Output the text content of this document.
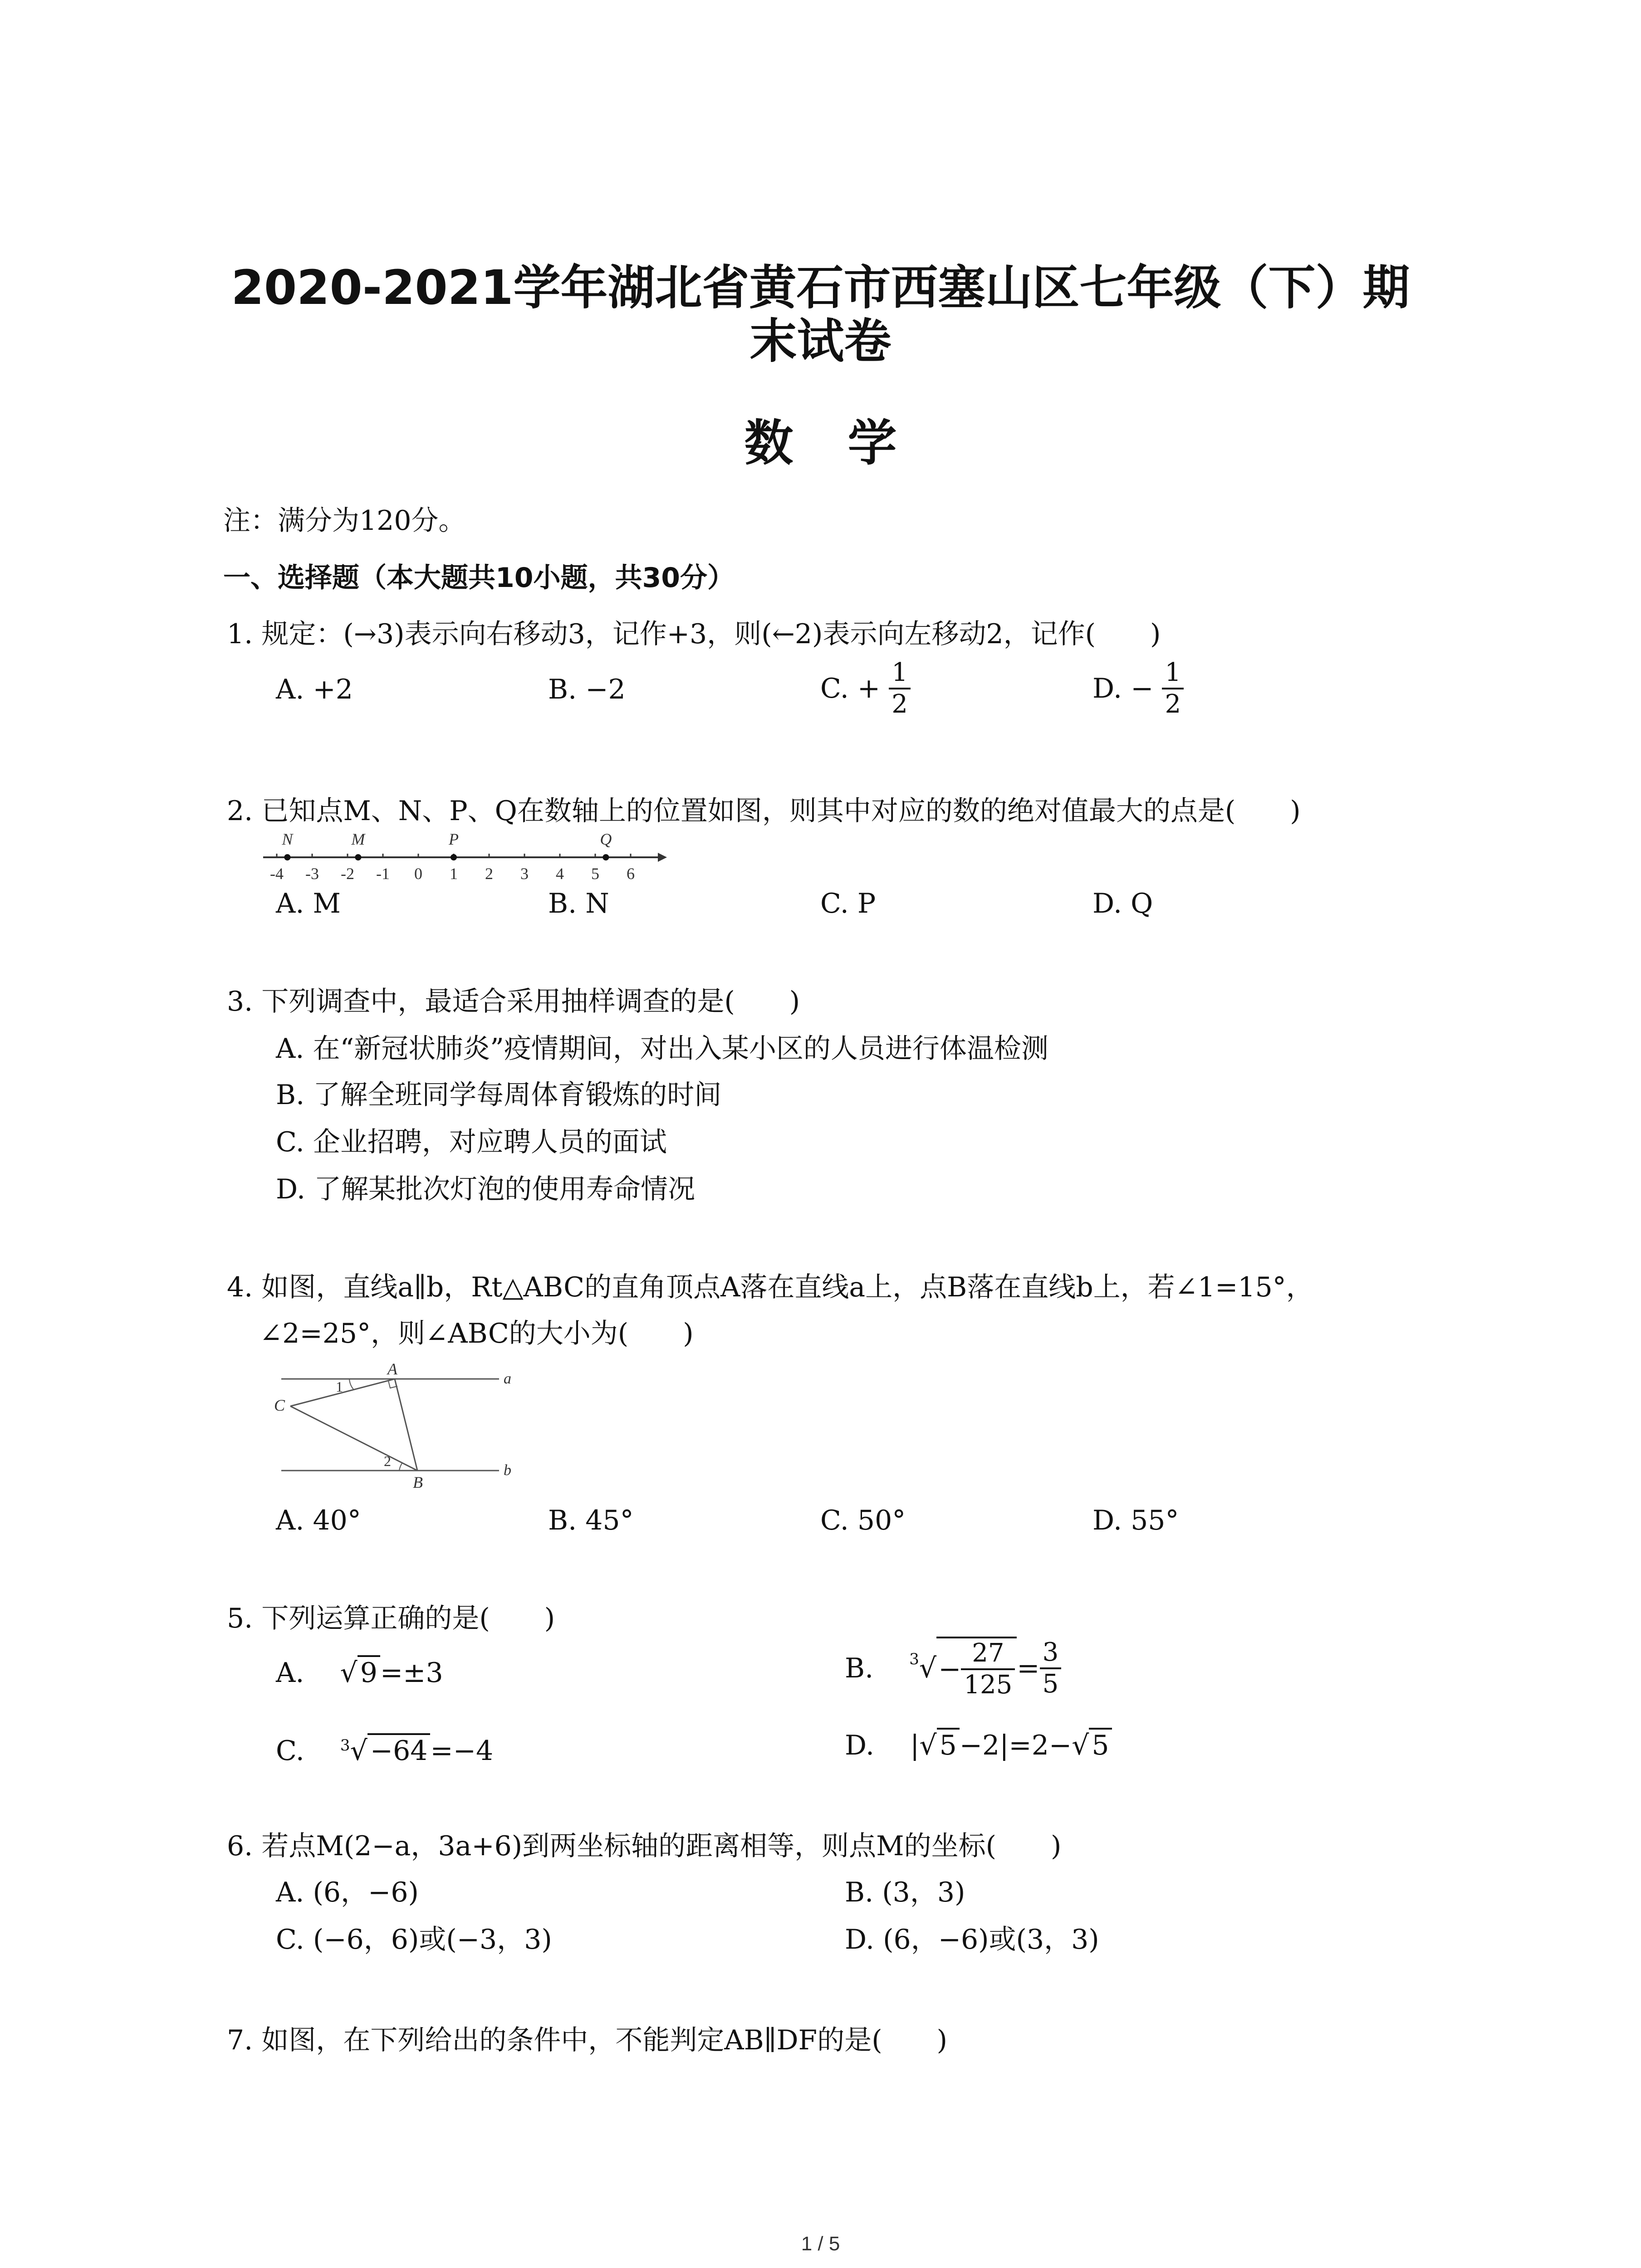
2020-2021学年湖北省黄石市西塞山区七年级（下）期
末试卷
数学
注：满分为120分。
一、选择题（本大题共10小题，共30分）
1. 规定：(→3)表示向右移动3，记作+3，则(←2)表示向左移动2，记作(　　)
A. +2	B. −2	C. + $\frac{1}{2}$	D. − $\frac{1}{2}$
2. 已知点M、N、P、Q在数轴上的位置如图，则其中对应的数的绝对值最大的点是(　　)
-4 -3 -2 -1 0 1 2 3 4 5 6
N	M	P	Q
A. M	B. N	C. P	D. Q
3. 下列调查中，最适合采用抽样调查的是(　　)
A. 在“新冠状肺炎”疫情期间，对出入某小区的人员进行体温检测
B. 了解全班同学每周体育锻炼的时间
C. 企业招聘，对应聘人员的面试
D. 了解某批次灯泡的使用寿命情况
4. 如图，直线a∥b，Rt△ABC的直角顶点A落在直线a上，点B落在直线b上，若∠1=15°，
∠2=25°，则∠ABC的大小为(　　)
A
B
C
a
b
1
2
A. 40°	B. 45°	C. 50°	D. 55°
5. 下列运算正确的是(　　)
A. √ 9 =±3	B. $^3√- \frac{27}{125} = \frac{3}{5}$
C. $^3$√ −64 =−4	D. |√ 5 −2|=2−√ 5
6. 若点M(2−a，3a+6)到两坐标轴的距离相等，则点M的坐标(　　)
A. (6，−6)	B. (3，3)
C. (−6，6)或(−3，3)	D. (6，−6)或(3，3)
7. 如图，在下列给出的条件中，不能判定AB∥DF的是(　　)
1 / 5
